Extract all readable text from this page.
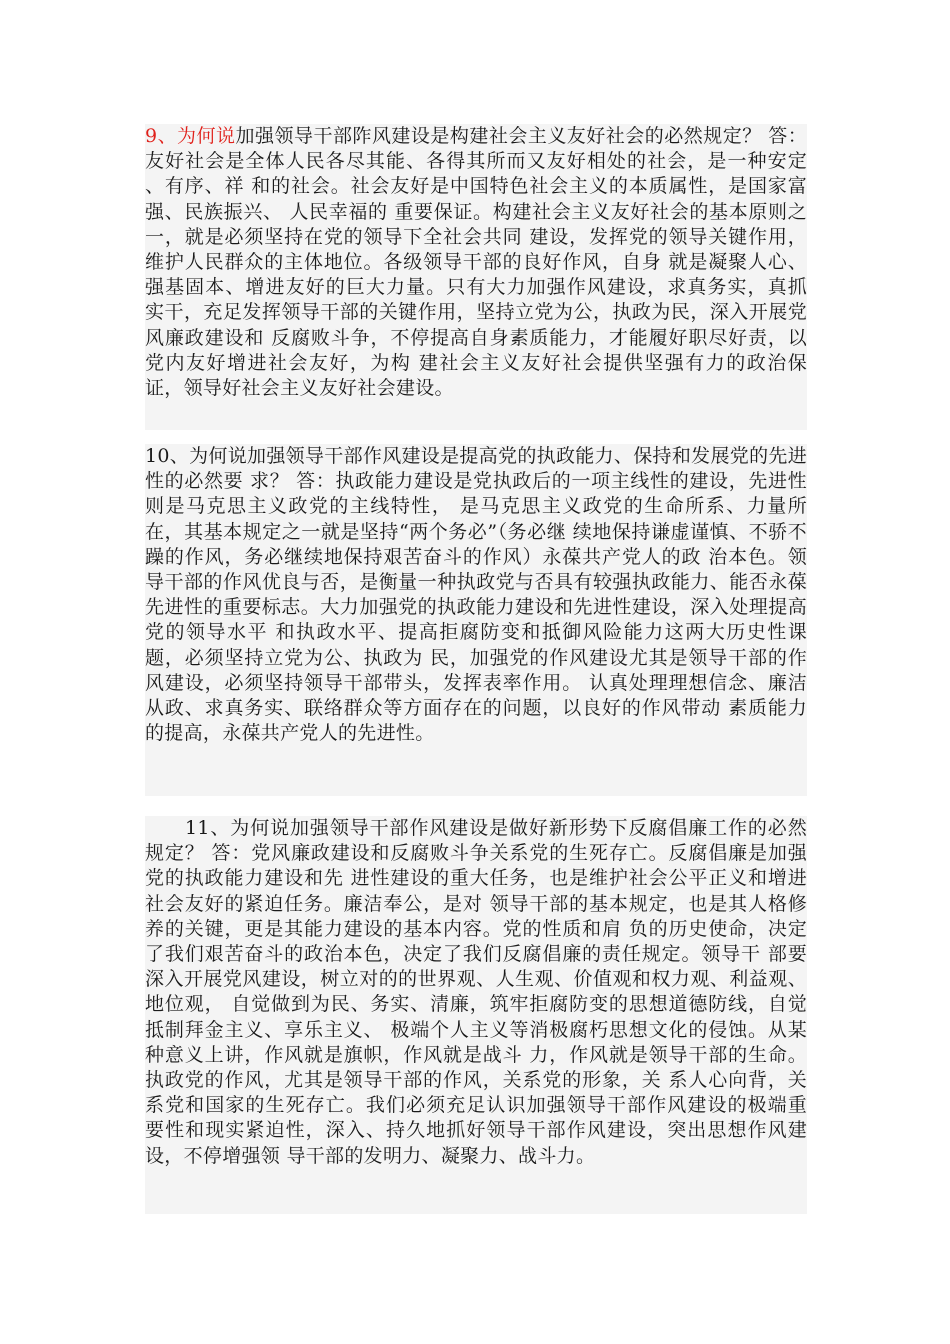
9、为何说加强领导干部阼风建设是构建社会主义友好社会的必然规定？ 答：友好社会是全体人民各尽其能、各得其所而又友好相处的社会，是一种安定 、有序、祥 和的社会。社会友好是中国特色社会主义的本质属性，是国家富强、民族振兴、 人民幸福的 重要保证。构建社会主义友好社会的基本原则之一，就是必须坚持在党的领导下全社会共同 建设，发挥党的领导关键作用，维护人民群众的主体地位。各级领导干部的良好作风，自身 就是凝聚人心、强基固本、增进友好的巨大力量。只有大力加强作风建设，求真务实，真抓 实干，充足发挥领导干部的关键作用，坚持立党为公，执政为民，深入开展党风廉政建设和 反腐败斗争，不停提高自身素质能力，才能履好职尽好责，以党内友好增进社会友好，为构 建社会主义友好社会提供坚强有力的政治保证，领导好社会主义友好社会建设。
10、为何说加强领导干部作风建设是提高党的执政能力、保持和发展党的先进性的必然要 求？ 答：执政能力建设是党执政后的一项主线性的建设，先进性则是马克思主义政党的主线特性， 是马克思主义政党的生命所系、力量所在，其基本规定之一就是坚持“两个务必”（务必继 续地保持谦虚谨慎、不骄不躁的作风，务必继续地保持艰苦奋斗的作风）永葆共产党人的政 治本色。领导干部的作风优良与否，是衡量一种执政党与否具有较强执政能力、能否永葆先进性的重要标志。大力加强党的执政能力建设和先进性建设，深入处理提高党的领导水平 和执政水平、提高拒腐防变和抵御风险能力这两大历史性课题，必须坚持立党为公、执政为 民，加强党的作风建设尤其是领导干部的作风建设，必须坚持领导干部带头，发挥表率作用。 认真处理理想信念、廉洁从政、求真务实、联络群众等方面存在的问题，以良好的作风带动 素质能力的提高，永葆共产党人的先进性。
11、为何说加强领导干部作风建设是做好新形势下反腐倡廉工作的必然规定？ 答：党风廉政建设和反腐败斗争关系党的生死存亡。反腐倡廉是加强党的执政能力建设和先 进性建设的重大任务，也是维护社会公平正义和增进社会友好的紧迫任务。廉洁奉公，是对 领导干部的基本规定，也是其人格修养的关键，更是其能力建设的基本内容。党的性质和肩 负的历史使命，决定了我们艰苦奋斗的政治本色，决定了我们反腐倡廉的责任规定。领导干 部要深入开展党风建设，树立对的的世界观、人生观、价值观和权力观、利益观、地位观， 自觉做到为民、务实、清廉，筑牢拒腐防变的思想道德防线，自觉抵制拜金主义、享乐主义、 极端个人主义等消极腐朽思想文化的侵蚀。从某种意义上讲，作风就是旗帜，作风就是战斗 力，作风就是领导干部的生命。执政党的作风，尤其是领导干部的作风，关系党的形象，关 系人心向背，关系党和国家的生死存亡。我们必须充足认识加强领导干部作风建设的极端重 要性和现实紧迫性，深入、持久地抓好领导干部作风建设，突出思想作风建设，不停增强领 导干部的发明力、凝聚力、战斗力。
